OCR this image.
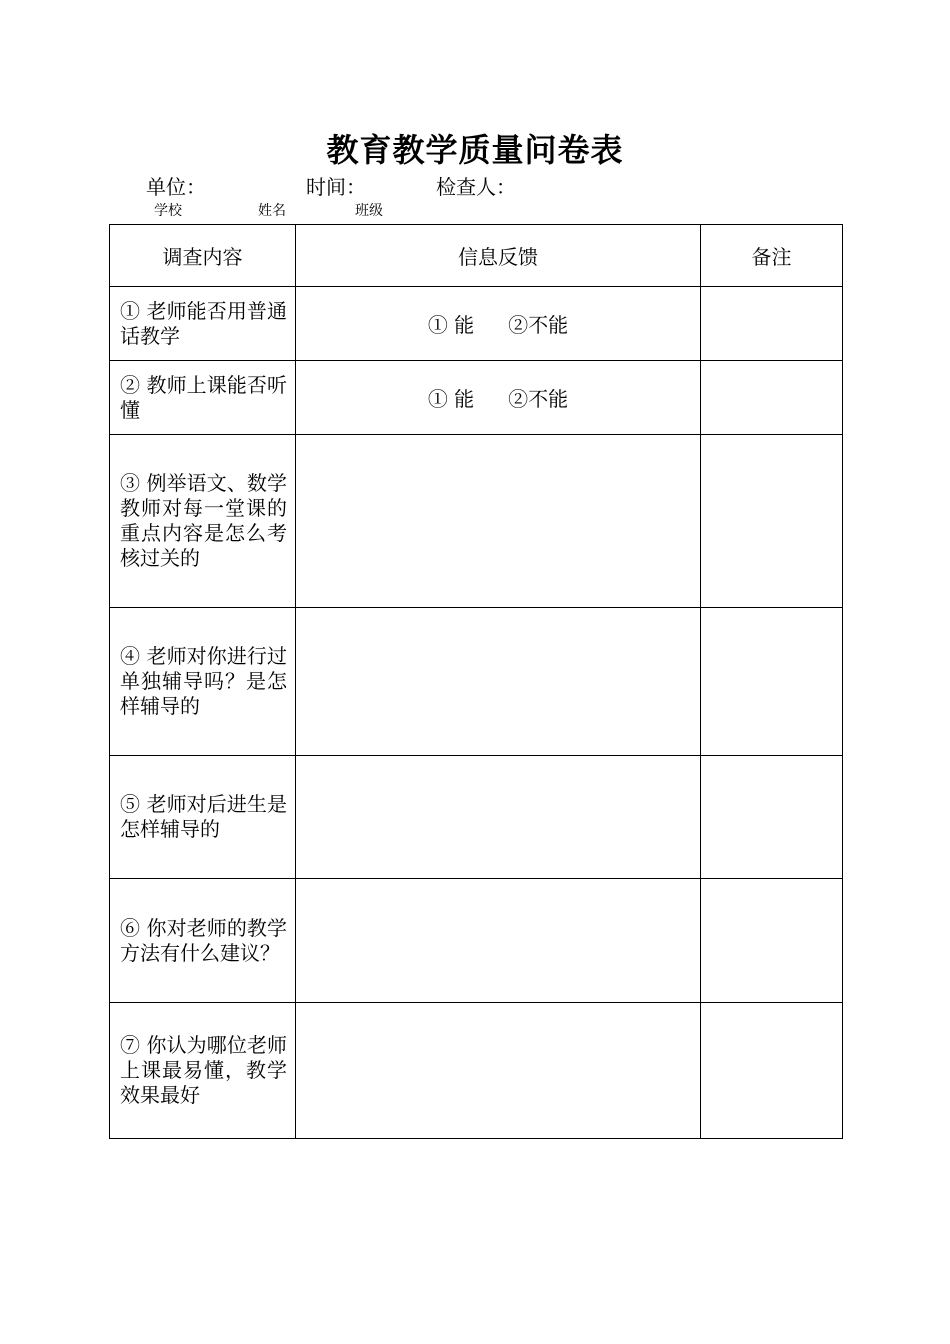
教育教学质量问卷表
单位：	时间：	检查人：
学校	姓名	班级
调查内容	信息反馈	备注
① 老师能否用普通话教学	① 能 ②不能	
② 教师上课能否听懂	① 能 ②不能	
③ 例举语文、数学教师对每一堂课的重点内容是怎么考核过关的		
④ 老师对你进行过单独辅导吗？是怎样辅导的		
⑤ 老师对后进生是怎样辅导的		
⑥ 你对老师的教学方法有什么建议？		
⑦ 你认为哪位老师上课最易懂，教学效果最好		
